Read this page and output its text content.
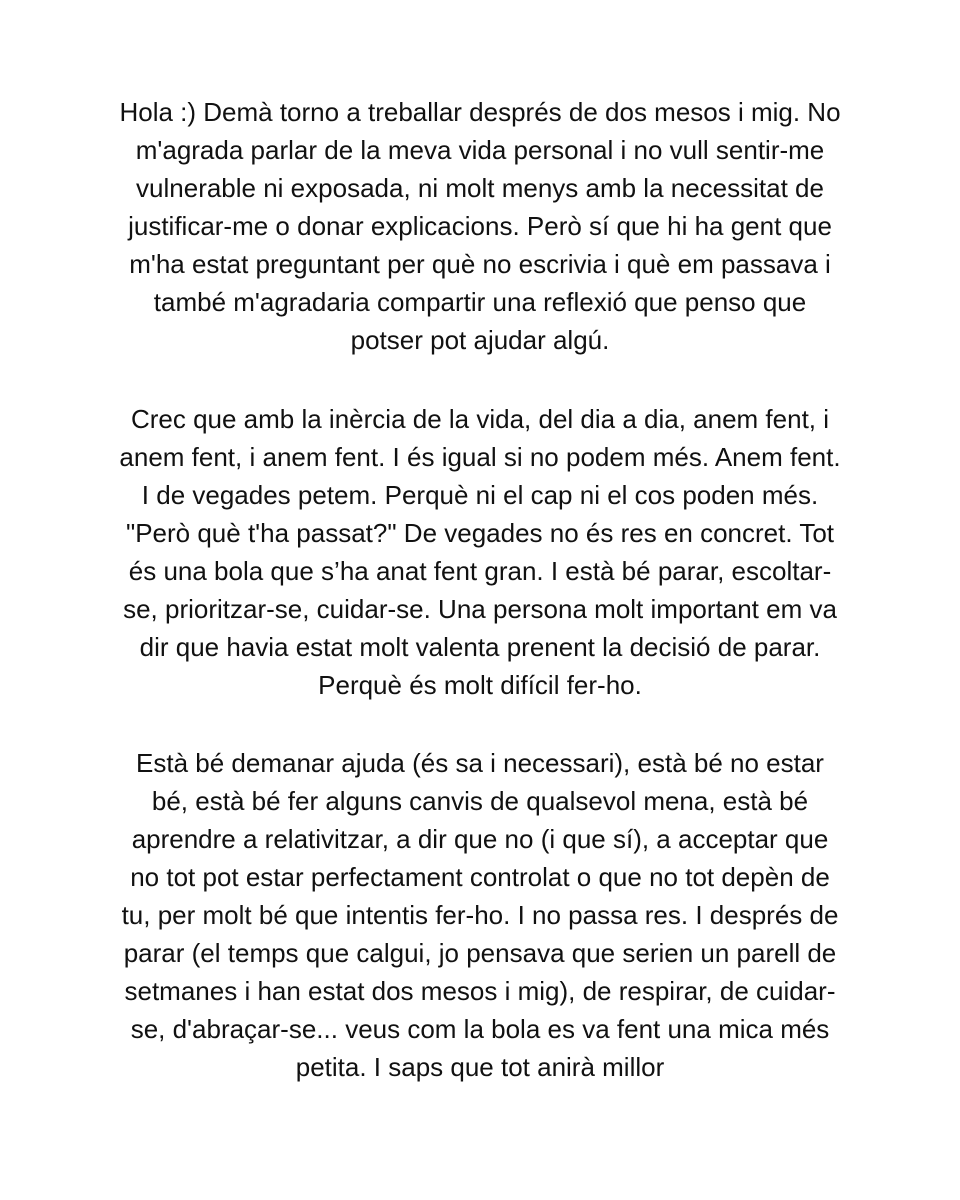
Hola :) Demà torno a treballar després de dos mesos i mig. No
m'agrada parlar de la meva vida personal i no vull sentir-me
vulnerable ni exposada, ni molt menys amb la necessitat de
justificar-me o donar explicacions. Però sí que hi ha gent que
m'ha estat preguntant per què no escrivia i què em passava i
també m'agradaria compartir una reflexió que penso que
potser pot ajudar algú.
Crec que amb la inèrcia de la vida, del dia a dia, anem fent, i
anem fent, i anem fent. I és igual si no podem més. Anem fent.
I de vegades petem. Perquè ni el cap ni el cos poden més.
"Però què t'ha passat?" De vegades no és res en concret. Tot
és una bola que s’ha anat fent gran. I està bé parar, escoltar-
se, prioritzar-se, cuidar-se. Una persona molt important em va
dir que havia estat molt valenta prenent la decisió de parar.
Perquè és molt difícil fer-ho.
Està bé demanar ajuda (és sa i necessari), està bé no estar
bé, està bé fer alguns canvis de qualsevol mena, està bé
aprendre a relativitzar, a dir que no (i que sí), a acceptar que
no tot pot estar perfectament controlat o que no tot depèn de
tu, per molt bé que intentis fer-ho. I no passa res. I després de
parar (el temps que calgui, jo pensava que serien un parell de
setmanes i han estat dos mesos i mig), de respirar, de cuidar-
se, d'abraçar-se... veus com la bola es va fent una mica més
petita. I saps que tot anirà millor
